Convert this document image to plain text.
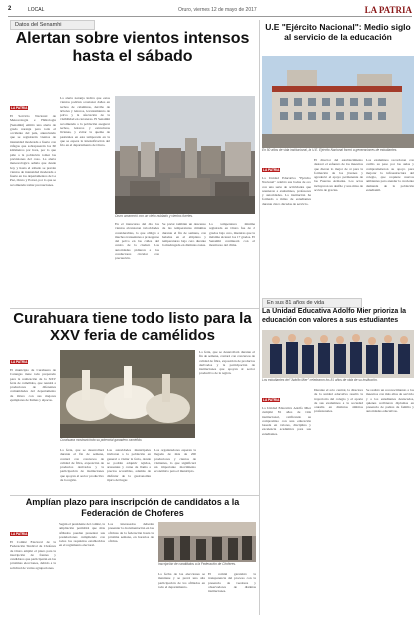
2	LOCAL	Oruro, viernes 12 de mayo de 2017	LA PATRIA
Datos del Senamhi
Alertan sobre vientos intensos hasta el sábado
LA PATRIA
El Servicio Nacional de Meteorología e Hidrología (Senamhi) emitió una alerta de grado naranja para toda el occidente del país, anunciando que se registrarán vientos de intensidad moderada a fuerte con ráfagas que sobrepasarán los 60 kilómetros por hora, por lo que pide a la población tomar las previsiones del caso. La alerta meteorológica señala que desde hoy y hasta el sábado se prevén vientos de intensidad moderada a fuerte en los departamentos de La Paz, Oruro y Potosí, por lo que se recomienda tomar precauciones.
La alerta naranja indica que estos vientos podrían ocasionar daños en techos de calaminas, derribo de árboles y letreros, levantamiento de polvo y la afectación de la visibilidad en carreteras. El Senamhi recomienda a la población asegurar techos, letreros y estructuras livianas, y evitar la quema de pastizales en esta temporada en la que se espera la intensificación del frío en el departamento de Oruro.
Oruro amaneció con un cielo nublado y vientos fuertes.
En el transcurso del día los vientos alcanzaron velocidades considerables, lo que obligó a muchos transeúntes a protegerse del polvo en las calles del centro de la ciudad. Las autoridades pidieron a los conductores circular con precaución.
Se prevé también un descenso de las temperaturas mínimas durante el fin de semana, con heladas en el altiplano y temperaturas bajo cero durante la madrugada en distintas zonas.
La temperatura mínima registrada en Oruro fue de 2 grados bajo cero, mientras que la máxima alcanzó los 17 grados. El Senamhi continuará con el monitoreo del clima.
U.E "Ejército Nacional": Medio siglo al servicio de la educación
En 50 años de vida institucional, la U.E. Ejército Nacional formó a generaciones de estudiantes.
LA PATRIA
La Unidad Educativa "Ejército Nacional" celebró sus bodas de oro con una serie de actividades que reunieron a exalumnos, profesores y autoridades. La institución ha formado a miles de estudiantes durante cinco décadas de servicio.
El director del establecimiento destacó el esfuerzo de los maestros que dieron lo mejor de sí para la formación de los jóvenes y agradeció el apoyo permanente de las Fuerzas Armadas. Los actos incluyeron un desfile y una misa de acción de gracias.
Los exalumnos recordaron con cariño su paso por las aulas y comprometieron su apoyo para mejorar la infraestructura del colegio, que requiere nuevos ambientes para atender la creciente demanda de la población estudiantil.
Curahuara tiene todo listo para la XXV feria de camélidos
LA PATRIA
El municipio de Curahuara de Carangas tiene todo preparado para la realización de la XXV feria de camélidos, que reunirá a productores de diferentes comunidades del departamento de Oruro con sus mejores ejemplares de llamas y alpacas.
Curahuara mostrará todo su potencial ganadero camélido.
La feria, que se desarrollará durante el fin de semana, contará con concursos de calidad de fibra, exposición de productos derivados y la participación de instituciones que apoyan al sector productivo de la región.
Las autoridades municipales invitaron a la población en general a visitar la feria, donde se podrán adquirir tejidos, artesanías y carne de llama a precios accesibles, además de disfrutar de la gastronomía típica del lugar.
Los organizadores esperan la llegada de más de 200 productores y cientos de visitantes, lo que significará un importante movimiento económico para el municipio.
La feria, que se desarrollará durante el fin de semana, contará con concursos de calidad de fibra, exposición de productos derivados y la participación de instituciones que apoyan al sector productivo de la región.
En sus 81 años de vida
La Unidad Educativa Adolfo Mier prioriza la educación con valores a sus estudiantes
Los estudiantes del "Adolfo Mier" celebraron los 81 años de vida de su institución.
LA PATRIA
La Unidad Educativa Adolfo Mier cumplió 81 años de vida institucional, ratificando su compromiso con una educación basada en valores, disciplina y excelencia académica para sus estudiantes.
Durante el acto central, la directora de la unidad educativa resaltó la trayectoria del colegio y el aporte de sus exalumnos a la sociedad orureña en distintos ámbitos profesionales.
Se realizó un reconocimiento a los maestros con más años de servicio y a los estudiantes destacados, quienes recibieron diplomas en presencia de padres de familia y autoridades educativas.
Amplían plazo para inscripción de candidatos a la Federación de Choferes
LA PATRIA
El Comité Electoral de la Federación Sindical de Choferes de Oruro amplió el plazo para la inscripción de frentes y candidatos que participarán en las próximas elecciones, debido a la solicitud de varias agrupaciones.
Según el presidente del comité, la ampliación permitirá que más afiliados puedan presentar sus postulaciones cumpliendo con todos los requisitos establecidos en el reglamento electoral.
Los interesados deberán presentar la documentación en las oficinas de la federación hasta la próxima semana, en horarios de oficina.
Inscripción de candidatos a la Federación de Choferes.
La fecha de las elecciones se mantiene y se prevé una alta participación de los afiliados en todo el departamento.
El comité garantizó la transparencia del proceso con la presencia de veedores y observadores de distintas instituciones.
